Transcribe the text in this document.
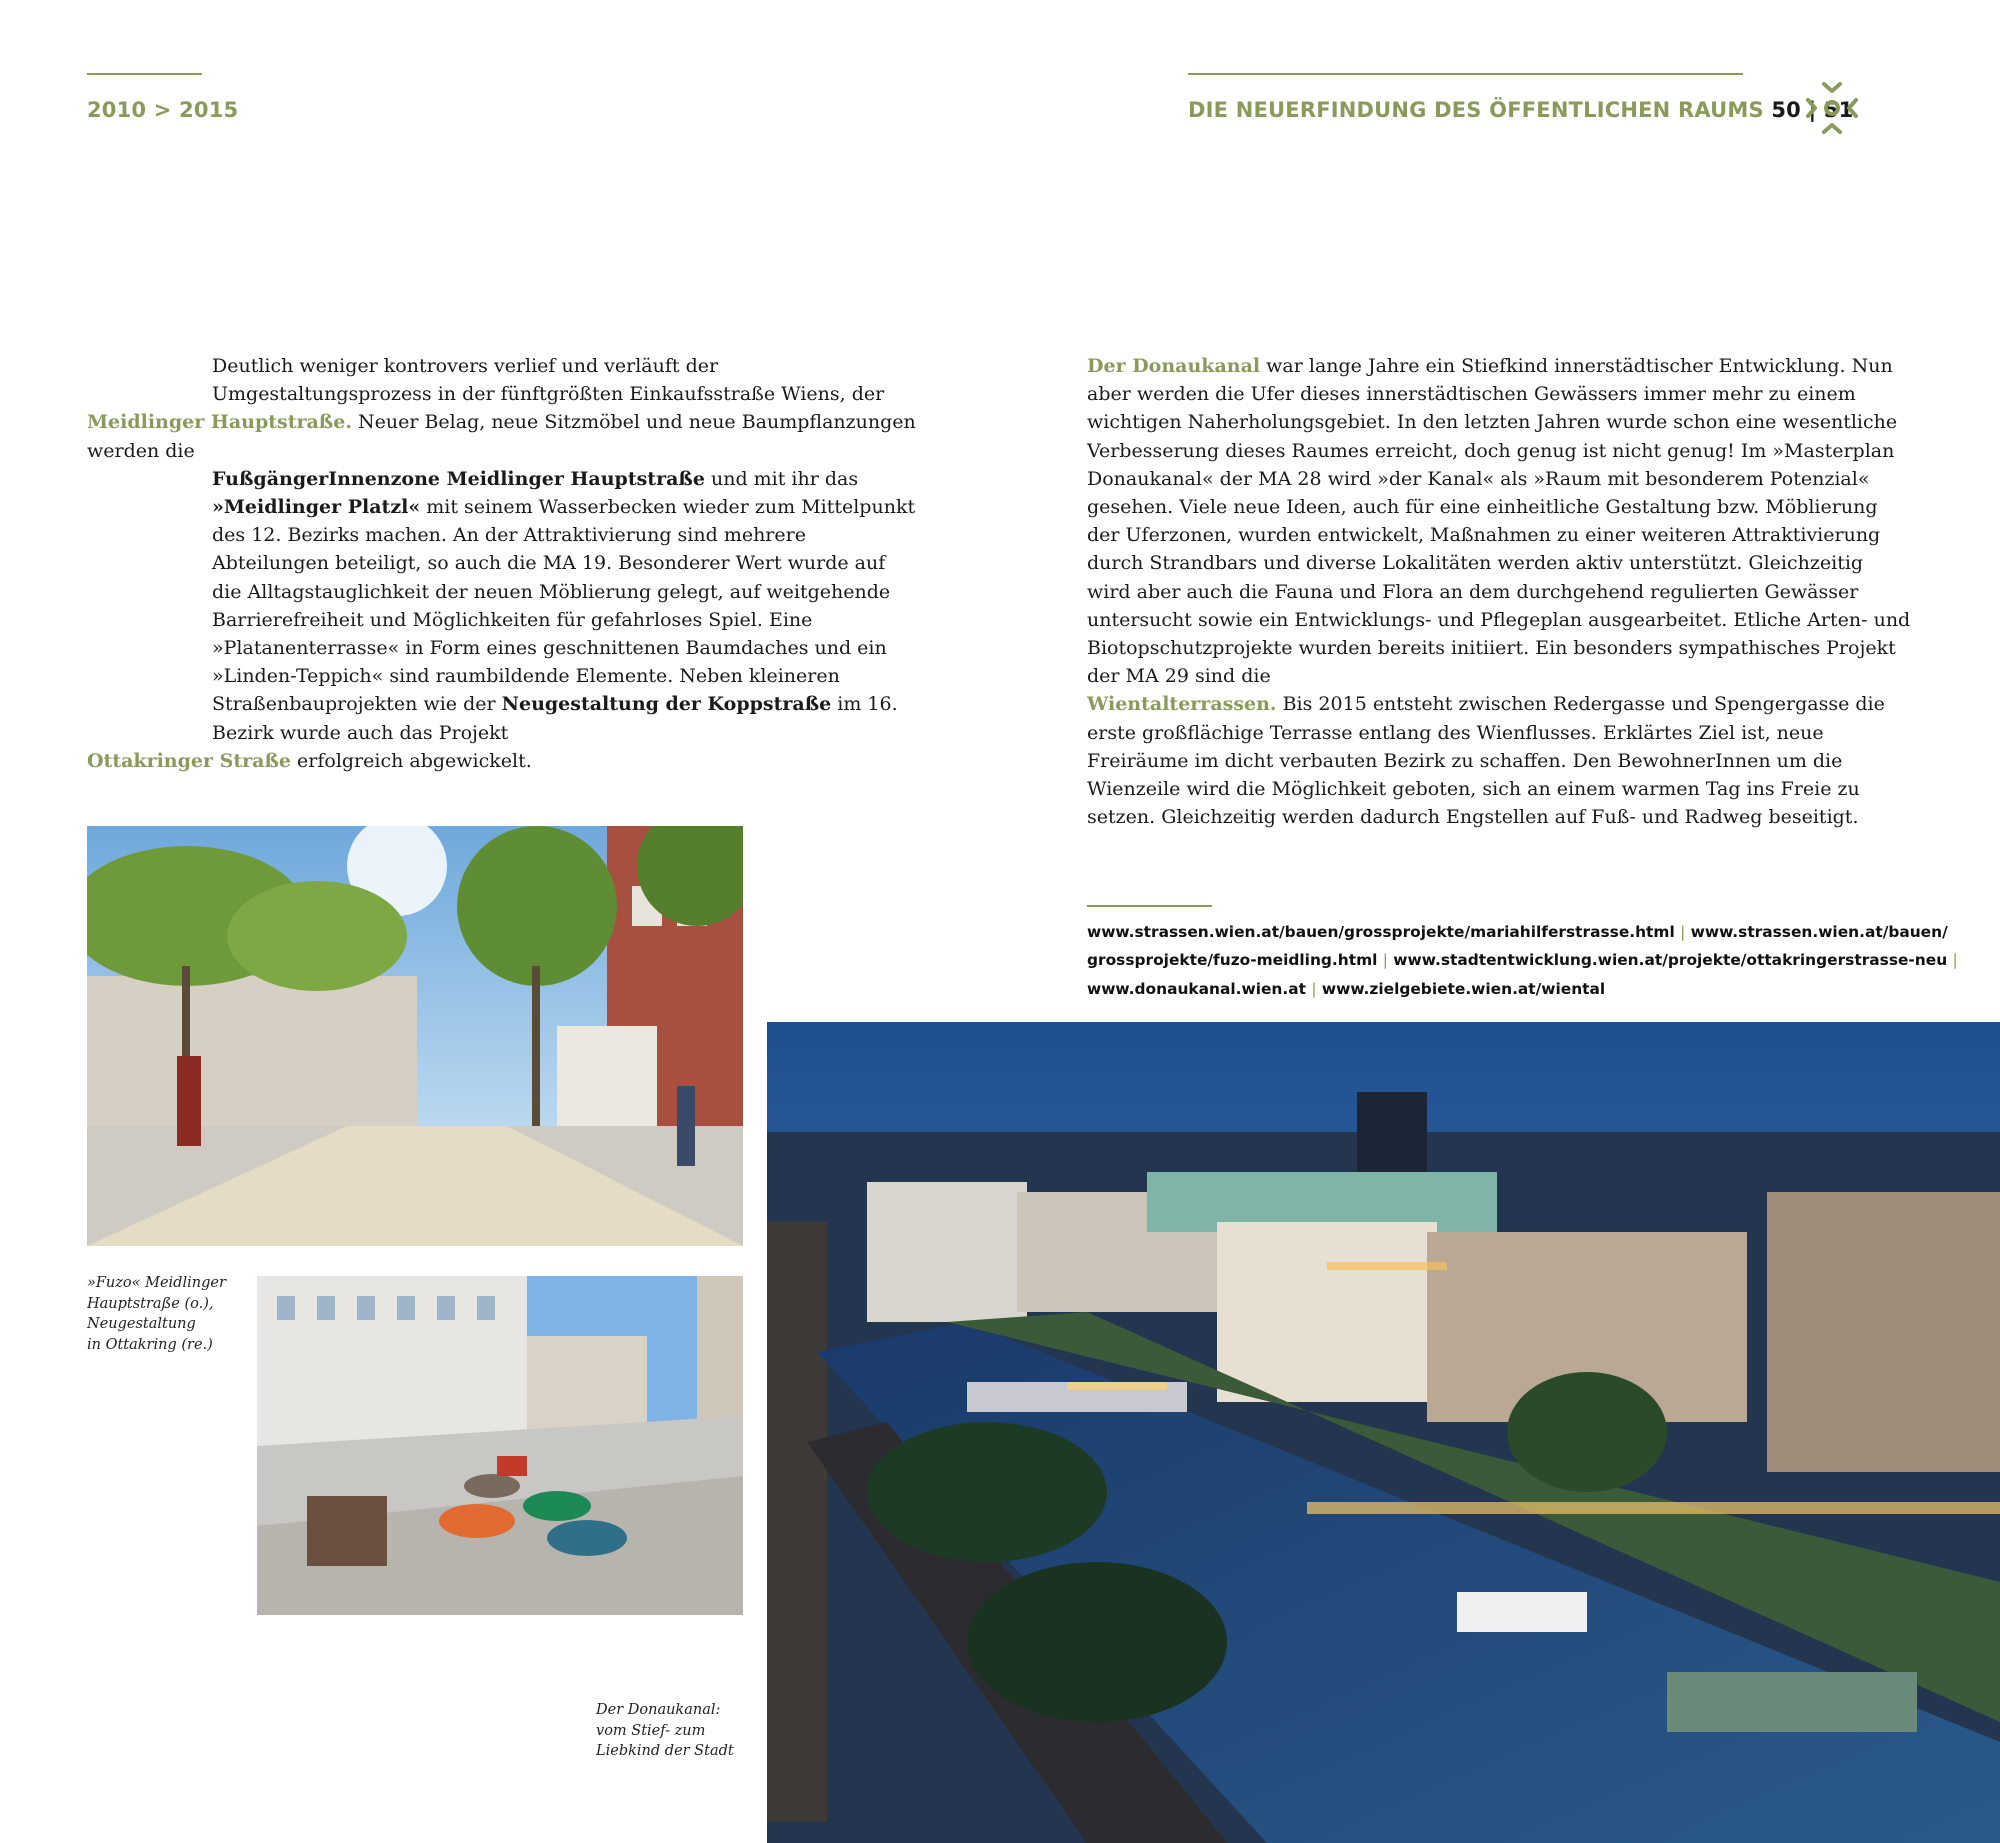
2010 > 2015	DIE NEUERFINDUNG DES ÖFFENTLICHEN RAUMS 50 | 51

Deutlich weniger kontrovers verlief und verläuft der Umgestaltungsprozess in der fünftgrößten Einkaufsstraße Wiens, der
Meidlinger Hauptstraße. Neuer Belag, neue Sitzmöbel und neue Baumpflanzungen werden die
FußgängerInnenzone Meidlinger Hauptstraße und mit ihr das »Meidlinger Platzl« mit seinem Wasserbecken wieder zum Mittelpunkt des 12. Bezirks machen. An der Attraktivierung sind mehrere Abteilungen beteiligt, so auch die MA 19. Besonderer Wert wurde auf die Alltagstauglichkeit der neuen Möblierung gelegt, auf weitgehende Barrierefreiheit und Möglichkeiten für gefahrloses Spiel. Eine »Platanenterrasse« in Form eines geschnittenen Baumdaches und ein »Linden-Teppich« sind raumbildende Elemente. Neben kleineren Straßenbauprojekten wie der Neugestaltung der Koppstraße im 16. Bezirk wurde auch das Projekt
Ottakringer Straße erfolgreich abgewickelt.

Der Donaukanal war lange Jahre ein Stiefkind innerstädtischer Entwicklung. Nun aber werden die Ufer dieses innerstädtischen Gewässers immer mehr zu einem wichtigen Naherholungsgebiet. In den letzten Jahren wurde schon eine wesentliche Verbesserung dieses Raumes erreicht, doch genug ist nicht genug! Im »Masterplan Donaukanal« der MA 28 wird »der Kanal« als »Raum mit besonderem Potenzial« gesehen. Viele neue Ideen, auch für eine einheitliche Gestaltung bzw. Möblierung der Uferzonen, wurden entwickelt, Maßnahmen zu einer weiteren Attraktivierung durch Strandbars und diverse Lokalitäten werden aktiv unterstützt. Gleichzeitig wird aber auch die Fauna und Flora an dem durchgehend regulierten Gewässer untersucht sowie ein Entwicklungs- und Pflegeplan ausgearbeitet. Etliche Arten- und Biotopschutzprojekte wurden bereits initiiert. Ein besonders sympathisches Projekt der MA 29 sind die
Wientalterrassen. Bis 2015 entsteht zwischen Redergasse und Spengergasse die erste großflächige Terrasse entlang des Wienflusses. Erklärtes Ziel ist, neue Freiräume im dicht verbauten Bezirk zu schaffen. Den BewohnerInnen um die Wienzeile wird die Möglichkeit geboten, sich an einem warmen Tag ins Freie zu setzen. Gleichzeitig werden dadurch Engstellen auf Fuß- und Radweg beseitigt.

www.strassen.wien.at/bauen/grossprojekte/mariahilferstrasse.html | www.strassen.wien.at/bauen/
grossprojekte/fuzo-meidling.html | www.stadtentwicklung.wien.at/projekte/ottakringerstrasse-neu |
www.donaukanal.wien.at | www.zielgebiete.wien.at/wiental
»Fuzo« Meidlinger
Hauptstraße (o.),
Neugestaltung
in Ottakring (re.)
Der Donaukanal:
vom Stief- zum
Liebkind der Stadt
